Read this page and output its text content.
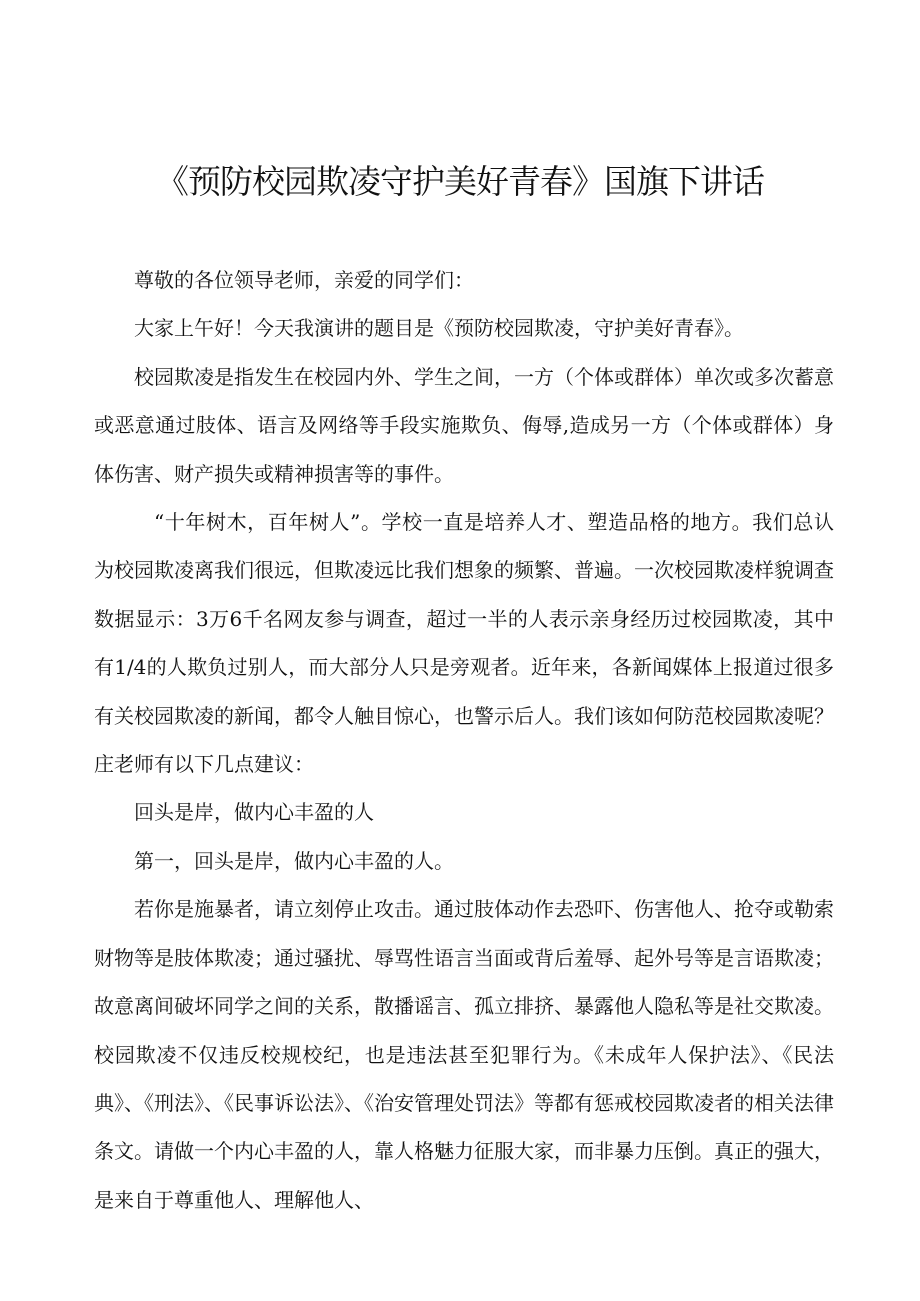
《预防校园欺凌守护美好青春》国旗下讲话

尊敬的各位领导老师，亲爱的同学们：

大家上午好！今天我演讲的题目是《预防校园欺凌，守护美好青春》。

校园欺凌是指发生在校园内外、学生之间，一方（个体或群体）单次或多次蓄意或恶意通过肢体、语言及网络等手段实施欺负、侮辱,造成另一方（个体或群体）身体伤害、财产损失或精神损害等的事件。

“十年树木，百年树人”。学校一直是培养人才、塑造品格的地方。我们总认为校园欺凌离我们很远，但欺凌远比我们想象的频繁、普遍。一次校园欺凌样貌调查数据显示：3万6千名网友参与调查，超过一半的人表示亲身经历过校园欺凌，其中有1/4的人欺负过别人，而大部分人只是旁观者。近年来，各新闻媒体上报道过很多有关校园欺凌的新闻，都令人触目惊心，也警示后人。我们该如何防范校园欺凌呢？庄老师有以下几点建议：

回头是岸，做内心丰盈的人

第一，回头是岸，做内心丰盈的人。

若你是施暴者，请立刻停止攻击。通过肢体动作去恐吓、伤害他人、抢夺或勒索财物等是肢体欺凌；通过骚扰、辱骂性语言当面或背后羞辱、起外号等是言语欺凌；故意离间破坏同学之间的关系，散播谣言、孤立排挤、暴露他人隐私等是社交欺凌。校园欺凌不仅违反校规校纪，也是违法甚至犯罪行为。《未成年人保护法》、《民法典》、《刑法》、《民事诉讼法》、《治安管理处罚法》等都有惩戒校园欺凌者的相关法律条文。请做一个内心丰盈的人，靠人格魅力征服大家，而非暴力压倒。真正的强大，是来自于尊重他人、理解他人、
